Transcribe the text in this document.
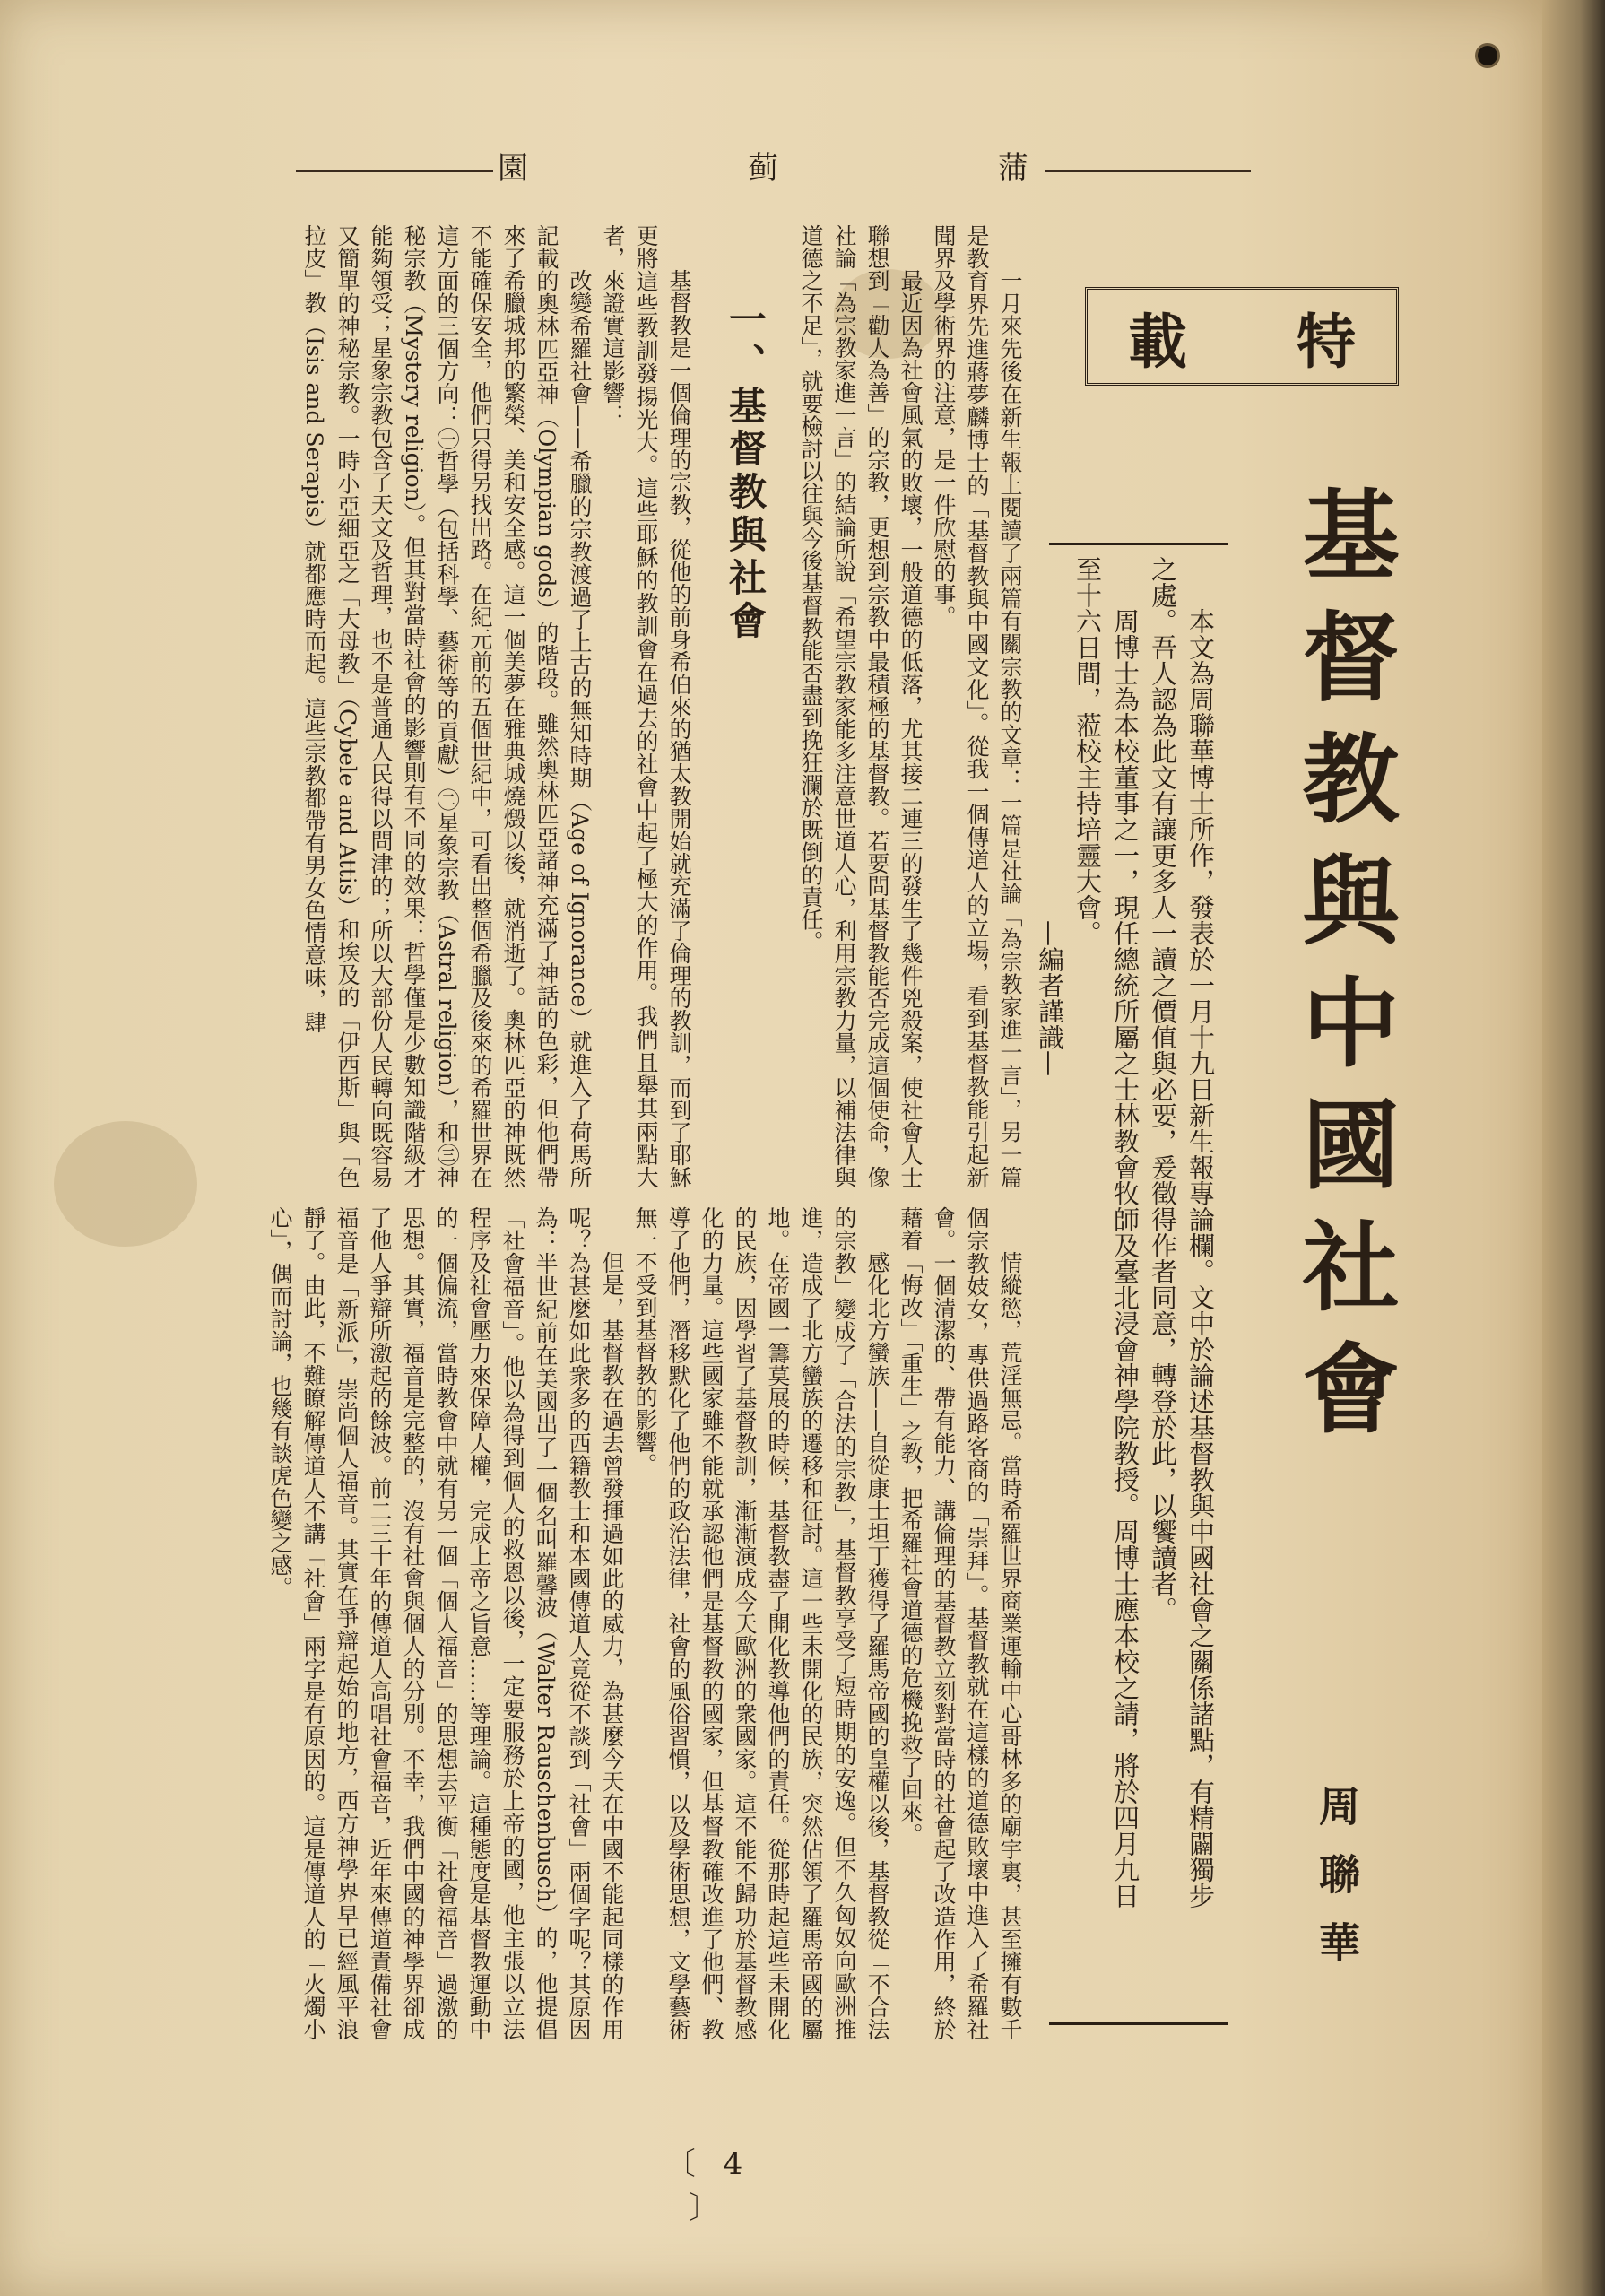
園	蓟	蒲
載 特
基督教與中國社會
周聯華

本文為周聯華博士所作，發表於一月十九日新生報專論欄。文中於論述基督教與中國社會之關係諸點，有精闢獨步之處。吾人認為此文有讓更多人一讀之價值與必要，爰徵得作者同意，轉登於此，以饗讀者。

周博士為本校董事之一，現任總統所屬之士林教會牧師及臺北浸會神學院教授。周博士應本校之請，將於四月九日至十六日間，蒞校主持培靈大會。

—編者謹識—

一月來先後在新生報上閱讀了兩篇有關宗教的文章：一篇是社論「為宗教家進一言」，另一篇是教育界先進蔣夢麟博士的「基督教與中國文化」。從我一個傳道人的立場，看到基督教能引起新聞界及學術界的注意，是一件欣慰的事。

最近因為社會風氣的敗壞，一般道德的低落，尤其接二連三的發生了幾件兇殺案，使社會人士聯想到「勸人為善」的宗教，更想到宗教中最積極的基督教。若要問基督教能否完成這個使命，像社論「為宗教家進一言」的結論所說「希望宗教家能多注意世道人心，利用宗教力量，以補法律與道德之不足」，就要檢討以往與今後基督教能否盡到挽狂瀾於既倒的責任。

一、基督教與社會

基督教是一個倫理的宗教，從他的前身希伯來的猶太教開始就充滿了倫理的教訓，而到了耶穌更將這些教訓發揚光大。這些耶穌的教訓會在過去的社會中起了極大的作用。我們且舉其兩點大者，來證實這影響：

改變希羅社會——希臘的宗教渡過了上古的無知時期（Age of Ignorance）就進入了荷馬所記載的奧林匹亞神（Olympian gods）的階段。雖然奧林匹亞諸神充滿了神話的色彩，但他們帶來了希臘城邦的繁榮、美和安全感。這一個美夢在雅典城燒燬以後，就消逝了。奧林匹亞的神既然不能確保安全，他們只得另找出路。在紀元前的五個世紀中，可看出整個希臘及後來的希羅世界在這方面的三個方向：㊀哲學（包括科學、藝術等的貢獻）㊁星象宗教（Astral religion），和㊂神秘宗教（Mystery religion）。但其對當時社會的影響則有不同的效果：哲學僅是少數知識階級才能夠領受；星象宗教包含了天文及哲理，也不是普通人民得以問津的；所以大部份人民轉向既容易又簡單的神秘宗教。一時小亞細亞之「大母教」（Cybele and Attis）和埃及的「伊西斯」與「色拉皮」教（Isis and Serapis）就都應時而起。這些宗教都帶有男女色情意味，肆

情縱慾，荒淫無忌。當時希羅世界商業運輸中心哥林多的廟宇裏，甚至擁有數千個宗教妓女，專供過路客商的「崇拜」。基督教就在這樣的道德敗壞中進入了希羅社會。一個清潔的、帶有能力、講倫理的基督教立刻對當時的社會起了改造作用，終於藉着「悔改」「重生」之教，把希羅社會道德的危機挽救了回來。

感化北方蠻族——自從康士坦丁獲得了羅馬帝國的皇權以後，基督教從「不合法的宗教」變成了「合法的宗教」，基督教享受了短時期的安逸。但不久匈奴向歐洲推進，造成了北方蠻族的遷移和征討。這一些未開化的民族，突然佔領了羅馬帝國的屬地。在帝國一籌莫展的時候，基督教盡了開化教導他們的責任。從那時起這些未開化的民族，因學習了基督教訓，漸漸演成今天歐洲的衆國家。這不能不歸功於基督教感化的力量。這些國家雖不能就承認他們是基督教的國家，但基督教確改進了他們、教導了他們，潛移默化了他們的政治法律，社會的風俗習慣，以及學術思想，文學藝術無一不受到基督教的影響。

但是，基督教在過去曾發揮過如此的威力，為甚麼今天在中國不能起同樣的作用呢？為甚麼如此衆多的西籍教士和本國傳道人竟從不談到「社會」兩個字呢？其原因為：半世紀前在美國出了一個名叫羅馨波（Walter Rauschenbusch）的，他提倡「社會福音」。他以為得到個人的救恩以後，一定要服務於上帝的國，他主張以立法程序及社會壓力來保障人權，完成上帝之旨意……等理論。這種態度是基督教運動中的一個偏流，當時教會中就有另一個「個人福音」的思想去平衡「社會福音」過激的思想。其實，福音是完整的，沒有社會與個人的分別。不幸，我們中國的神學界卻成了他人爭辯所激起的餘波。前二三十年的傳道人高唱社會福音，近年來傳道責備社會福音是「新派」，崇尚個人福音。其實在爭辯起始的地方，西方神學界早已經風平浪靜了。由此，不難瞭解傳道人不講「社會」兩字是有原因的。這是傳道人的「火燭小心」，偶而討論，也幾有談虎色變之感。

〔 4 〕
